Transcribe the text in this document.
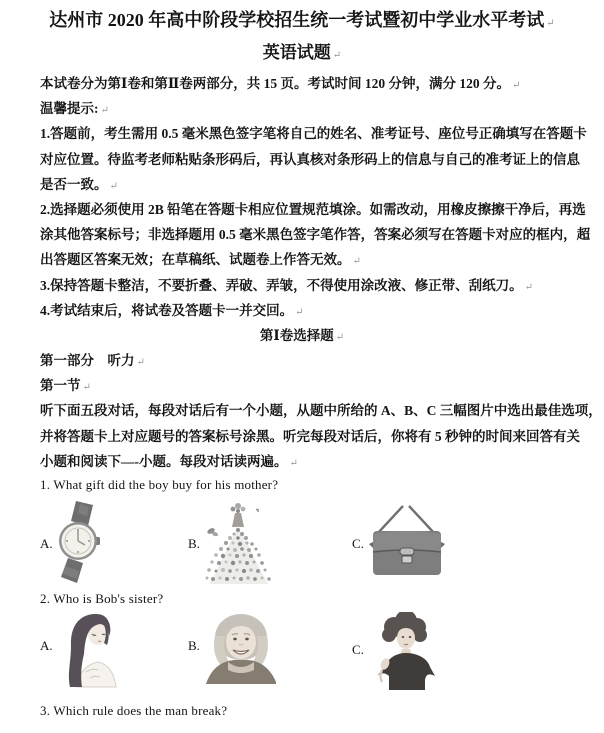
达州市 2020 年高中阶段学校招生统一考试暨初中学业水平考试 ↵
英语试题 ↵
本试卷分为第Ⅰ卷和第Ⅱ卷两部分，共 15 页。考试时间 120 分钟，满分 120 分。 ↵
温馨提示: ↵
1.答题前，考生需用 0.5 毫米黑色签字笔将自己的姓名、准考证号、座位号正确填写在答题卡
对应位置。待监考老师粘贴条形码后，再认真核对条形码上的信息与自己的准考证上的信息
是否一致。 ↵
2.选择题必须使用 2B 铅笔在答题卡相应位置规范填涂。如需改动，用橡皮擦擦干净后，再选
涂其他答案标号；非选择题用 0.5 毫米黑色签字笔作答，答案必须写在答题卡对应的框内，超
出答题区答案无效；在草稿纸、试题卷上作答无效。 ↵
3.保持答题卡整洁，不要折叠、弄破、弄皱，不得使用涂改液、修正带、刮纸刀。 ↵
4.考试结束后，将试卷及答题卡一并交回。 ↵
第Ⅰ卷选择题 ↵
第一部分　听力 ↵
第一节 ↵
听下面五段对话，每段对话后有一个小题，从题中所给的 A、B、C 三幅图片中选出最佳选项，
并将答题卡上对应题号的答案标号涂黑。听完每段对话后，你将有 5 秒钟的时间来回答有关
小题和阅读下—-小题。每段对话读两遍。 ↵
1. What gift did the boy buy for his mother?
A.	B.	C.
2. Who is Bob's sister?
A.	B.	C.
3. Which rule does the man break?
